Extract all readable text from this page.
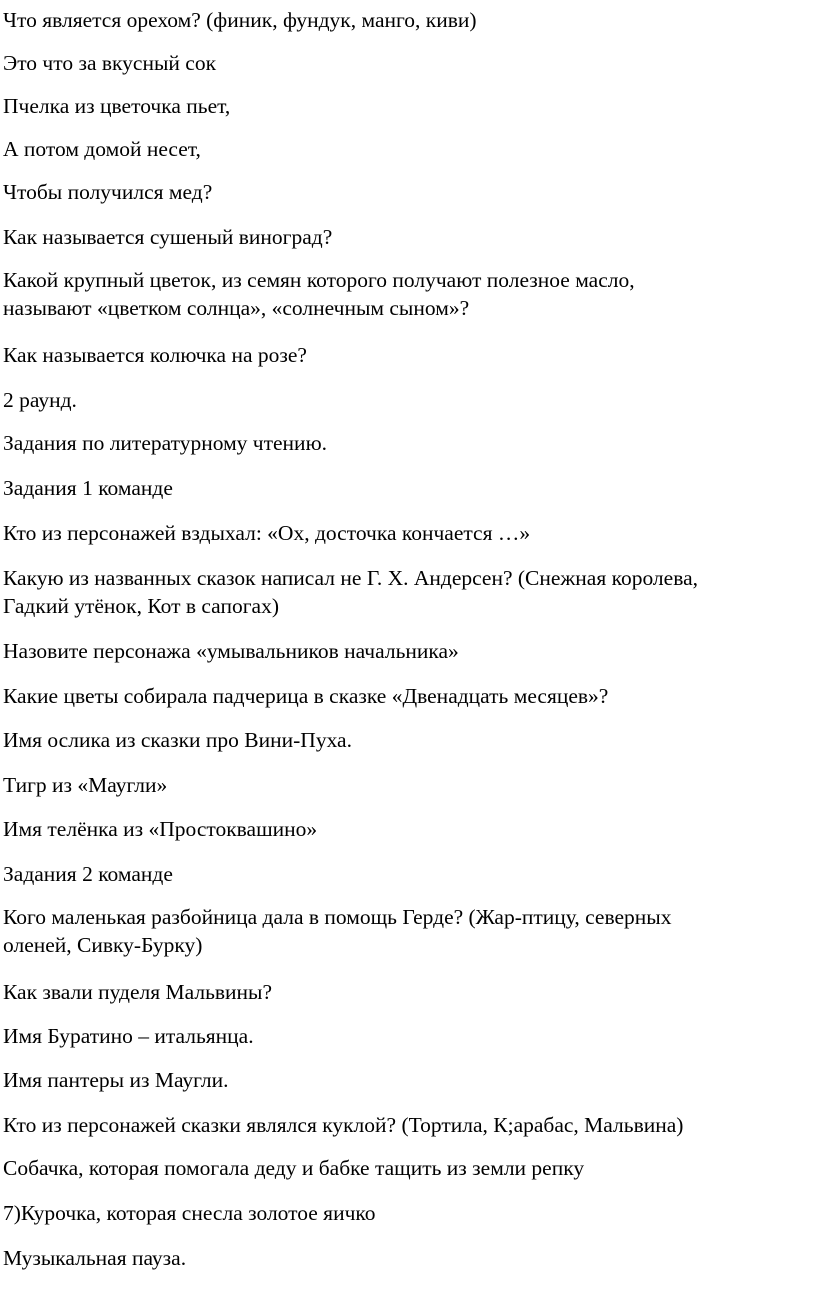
Что является орехом? (финик, фундук, манго, киви)

Это что за вкусный сок

Пчелка из цветочка пьет,

А потом домой несет,

Чтобы получился мед?

Как называется сушеный виноград?

Какой крупный цветок, из семян которого получают полезное масло,
называют «цветком солнца», «солнечным сыном»?

Как называется колючка на розе?

2 раунд.

Задания по литературному чтению.

Задания 1 команде

Кто из персонажей вздыхал: «Ох, досточка кончается …»

Какую из названных сказок написал не Г. Х. Андерсен? (Снежная королева,
Гадкий утёнок, Кот в сапогах)

Назовите персонажа «умывальников начальника»

Какие цветы собирала падчерица в сказке «Двенадцать месяцев»?

Имя ослика из сказки про Вини-Пуха.

Тигр из «Маугли»

Имя телёнка из «Простоквашино»

Задания 2 команде

Кого маленькая разбойница дала в помощь Герде? (Жар-птицу, северных
оленей, Сивку-Бурку)

Как звали пуделя Мальвины?

Имя Буратино – итальянца.

Имя пантеры из Маугли.

Кто из персонажей сказки являлся куклой? (Тортила, К;арабас, Мальвина)

Собачка, которая помогала деду и бабке тащить из земли репку

7)Курочка, которая снесла золотое яичко

Музыкальная пауза.
